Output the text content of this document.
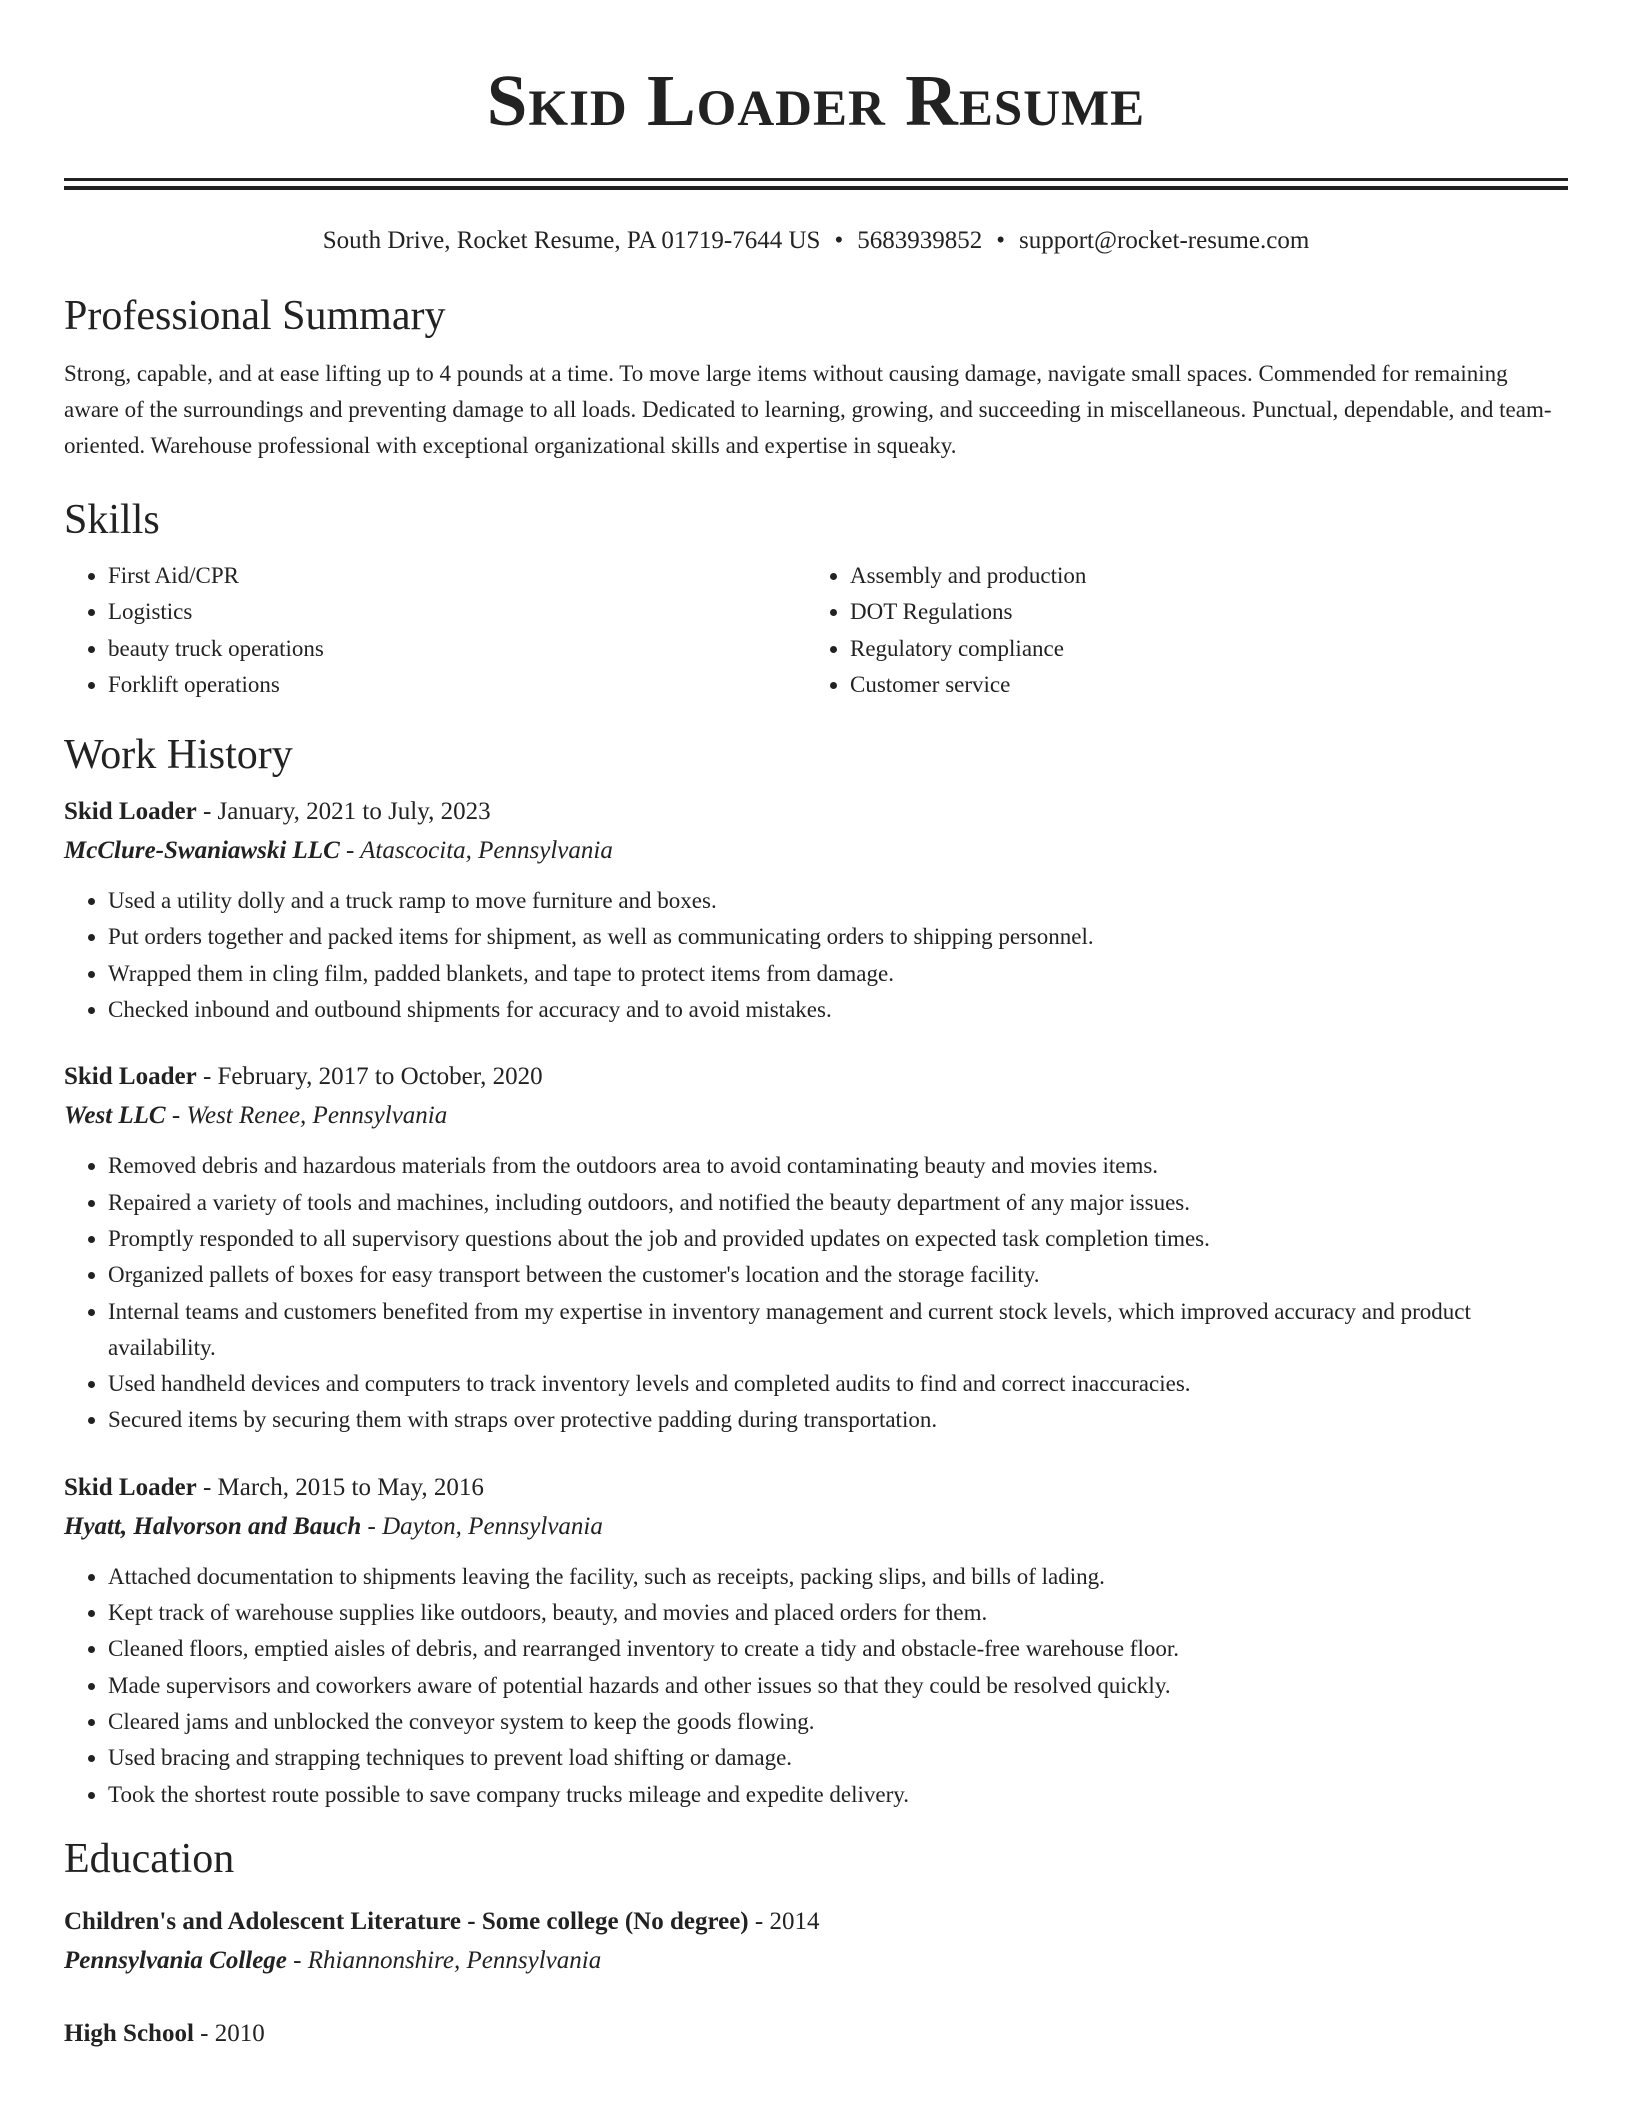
Skid Loader Resume
South Drive, Rocket Resume, PA 01719-7644 US • 5683939852 • support@rocket-resume.com
Professional Summary
Strong, capable, and at ease lifting up to 4 pounds at a time. To move large items without causing damage, navigate small spaces. Commended for remaining aware of the surroundings and preventing damage to all loads. Dedicated to learning, growing, and succeeding in miscellaneous. Punctual, dependable, and team-oriented. Warehouse professional with exceptional organizational skills and expertise in squeaky.
Skills
• First Aid/CPR
• Logistics
• beauty truck operations
• Forklift operations
• Assembly and production
• DOT Regulations
• Regulatory compliance
• Customer service
Work History
Skid Loader - January, 2021 to July, 2023
McClure-Swaniawski LLC - Atascocita, Pennsylvania
• Used a utility dolly and a truck ramp to move furniture and boxes.
• Put orders together and packed items for shipment, as well as communicating orders to shipping personnel.
• Wrapped them in cling film, padded blankets, and tape to protect items from damage.
• Checked inbound and outbound shipments for accuracy and to avoid mistakes.
Skid Loader - February, 2017 to October, 2020
West LLC - West Renee, Pennsylvania
• Removed debris and hazardous materials from the outdoors area to avoid contaminating beauty and movies items.
• Repaired a variety of tools and machines, including outdoors, and notified the beauty department of any major issues.
• Promptly responded to all supervisory questions about the job and provided updates on expected task completion times.
• Organized pallets of boxes for easy transport between the customer's location and the storage facility.
• Internal teams and customers benefited from my expertise in inventory management and current stock levels, which improved accuracy and product availability.
• Used handheld devices and computers to track inventory levels and completed audits to find and correct inaccuracies.
• Secured items by securing them with straps over protective padding during transportation.
Skid Loader - March, 2015 to May, 2016
Hyatt, Halvorson and Bauch - Dayton, Pennsylvania
• Attached documentation to shipments leaving the facility, such as receipts, packing slips, and bills of lading.
• Kept track of warehouse supplies like outdoors, beauty, and movies and placed orders for them.
• Cleaned floors, emptied aisles of debris, and rearranged inventory to create a tidy and obstacle-free warehouse floor.
• Made supervisors and coworkers aware of potential hazards and other issues so that they could be resolved quickly.
• Cleared jams and unblocked the conveyor system to keep the goods flowing.
• Used bracing and strapping techniques to prevent load shifting or damage.
• Took the shortest route possible to save company trucks mileage and expedite delivery.
Education
Children's and Adolescent Literature - Some college (No degree) - 2014
Pennsylvania College - Rhiannonshire, Pennsylvania
High School - 2010
